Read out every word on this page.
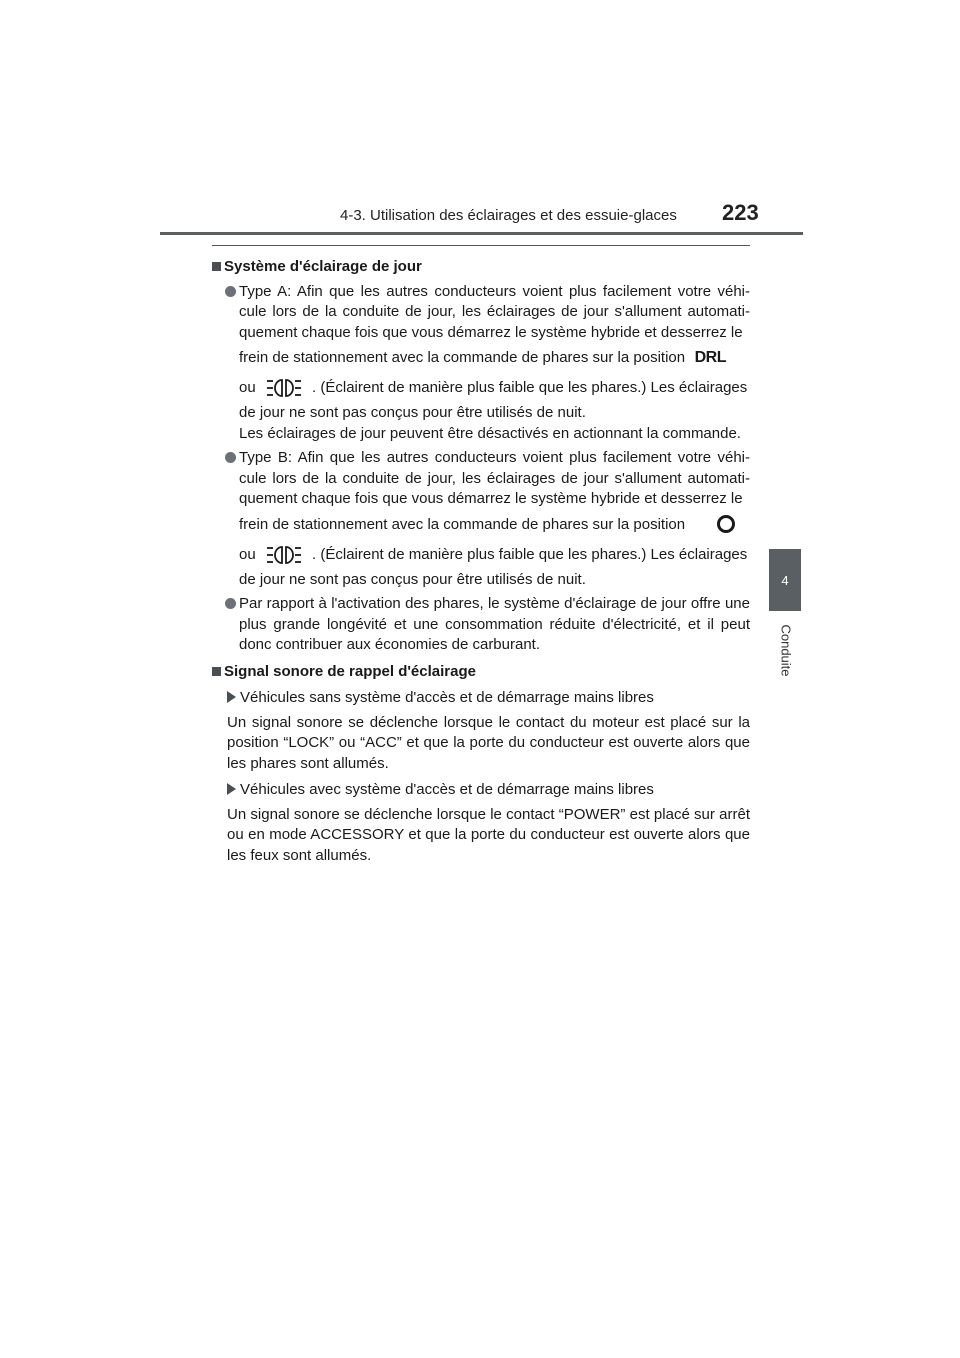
4-3. Utilisation des éclairages et des essuie-glaces 223
4
Conduite
Système d'éclairage de jour
Type A: Afin que les autres conducteurs voient plus facilement votre véhi-cule lors de la conduite de jour, les éclairages de jour s'allument automati-quement chaque fois que vous démarrez le système hybride et desserrez le
frein de stationnement avec la commande de phares sur la position DRL
ou	. (Éclairent de manière plus faible que les phares.) Les éclairages
de jour ne sont pas conçus pour être utilisés de nuit.
Les éclairages de jour peuvent être désactivés en actionnant la commande.
Type B: Afin que les autres conducteurs voient plus facilement votre véhi-cule lors de la conduite de jour, les éclairages de jour s'allument automati-quement chaque fois que vous démarrez le système hybride et desserrez le
frein de stationnement avec la commande de phares sur la position
ou	. (Éclairent de manière plus faible que les phares.) Les éclairages
de jour ne sont pas conçus pour être utilisés de nuit.
Par rapport à l'activation des phares, le système d'éclairage de jour offre une plus grande longévité et une consommation réduite d'électricité, et il peut donc contribuer aux économies de carburant.
Signal sonore de rappel d'éclairage
Véhicules sans système d'accès et de démarrage mains libres
Un signal sonore se déclenche lorsque le contact du moteur est placé sur la position “LOCK” ou “ACC” et que la porte du conducteur est ouverte alors que les phares sont allumés.
Véhicules avec système d'accès et de démarrage mains libres
Un signal sonore se déclenche lorsque le contact “POWER” est placé sur arrêt ou en mode ACCESSORY et que la porte du conducteur est ouverte alors que les feux sont allumés.
